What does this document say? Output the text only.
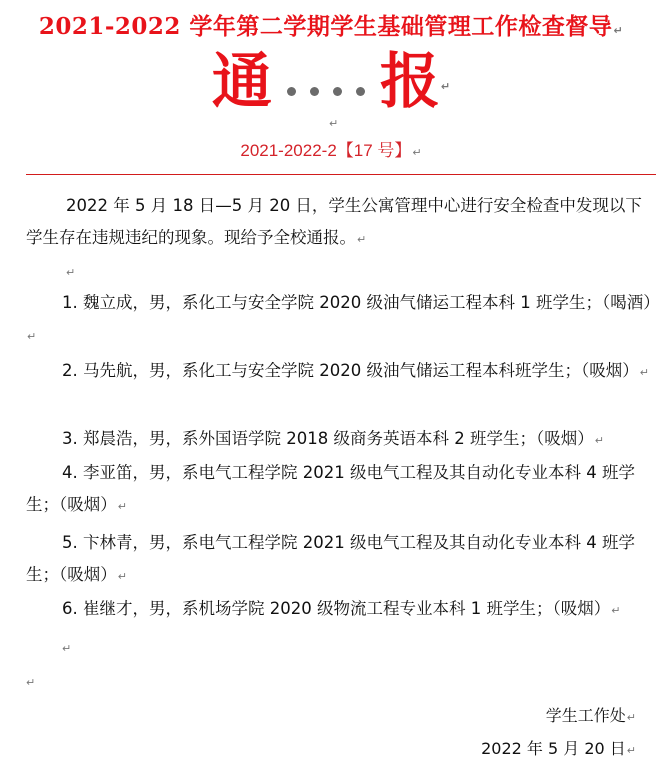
2021-2022 学年第二学期学生基础管理工作检查督导↵
通 报↵
↵
2021-2022-2【17 号】↵
2022 年 5 月 18 日—5 月 20 日，学生公寓管理中心进行安全检查中发现以下学生存在违规违纪的现象。现给予全校通报。↵
↵
1. 魏立成，男，系化工与安全学院 2020 级油气储运工程本科 1 班学生；（喝酒）↵
2. 马先航，男，系化工与安全学院 2020 级油气储运工程本科班学生；（吸烟）↵
3. 郑晨浩，男，系外国语学院 2018 级商务英语本科 2 班学生；（吸烟）↵
4. 李亚笛，男，系电气工程学院 2021 级电气工程及其自动化专业本科 4 班学生；（吸烟）↵
5. 卞林青，男，系电气工程学院 2021 级电气工程及其自动化专业本科 4 班学生；（吸烟）↵
6. 崔继才，男，系机场学院 2020 级物流工程专业本科 1 班学生；（吸烟）↵
↵
↵
学生工作处↵
2022 年 5 月 20 日↵
